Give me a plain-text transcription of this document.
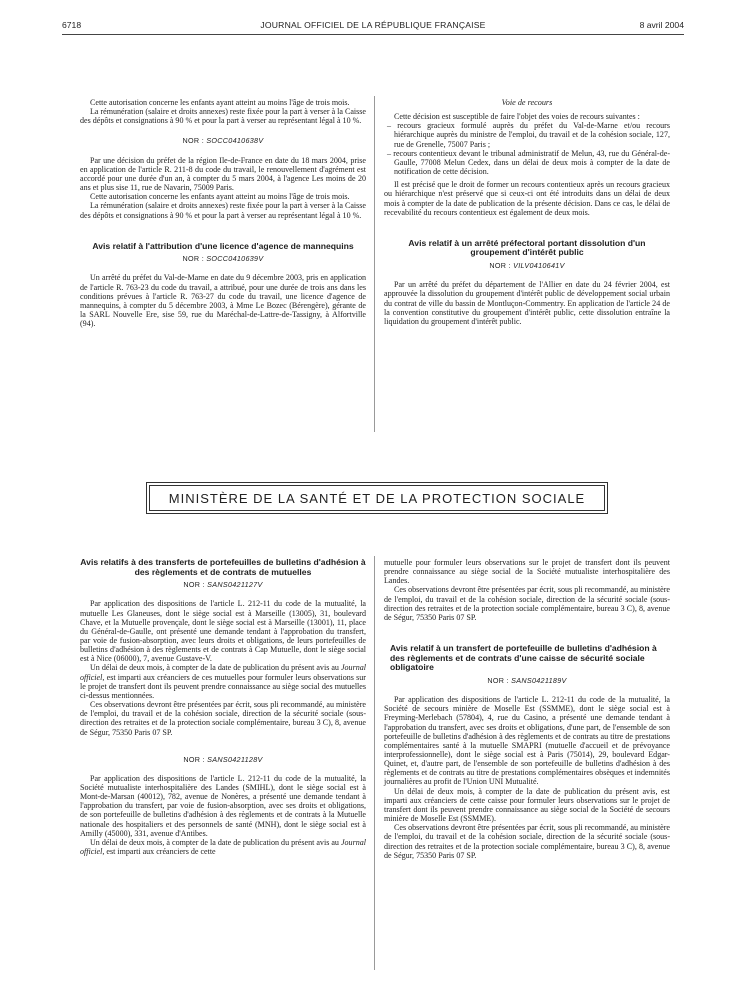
6718	JOURNAL OFFICIEL DE LA RÉPUBLIQUE FRANÇAISE	8 avril 2004

Cette autorisation concerne les enfants ayant atteint au moins l'âge de trois mois.

La rémunération (salaire et droits annexes) reste fixée pour la part à verser à la Caisse des dépôts et consignations à 90 % et pour la part à verser au représentant légal à 10 %.

NOR : SOCC0410638V

Par une décision du préfet de la région Ile-de-France en date du 18 mars 2004, prise en application de l'article R. 211-8 du code du travail, le renouvellement d'agrément est accordé pour une durée d'un an, à compter du 5 mars 2004, à l'agence Les moins de 20 ans et plus sise 11, rue de Navarin, 75009 Paris.

Cette autorisation concerne les enfants ayant atteint au moins l'âge de trois mois.

La rémunération (salaire et droits annexes) reste fixée pour la part à verser à la Caisse des dépôts et consignations à 90 % et pour la part à verser au représentant légal à 10 %.

Avis relatif à l'attribution d'une licence d'agence de mannequins
NOR : SOCC0410639V

Un arrêté du préfet du Val-de-Marne en date du 9 décembre 2003, pris en application de l'article R. 763-23 du code du travail, a attribué, pour une durée de trois ans dans les conditions prévues à l'article R. 763-27 du code du travail, une licence d'agence de mannequins, à compter du 5 décembre 2003, à Mme Le Bozec (Bérengère), gérante de la SARL Nouvelle Ere, sise 59, rue du Maréchal-de-Lattre-de-Tassigny, à Alfortville (94).

Voie de recours

Cette décision est susceptible de faire l'objet des voies de recours suivantes :

– recours gracieux formulé auprès du préfet du Val-de-Marne et/ou recours hiérarchique auprès du ministre de l'emploi, du travail et de la cohésion sociale, 127, rue de Grenelle, 75007 Paris ;

– recours contentieux devant le tribunal administratif de Melun, 43, rue du Général-de-Gaulle, 77008 Melun Cedex, dans un délai de deux mois à compter de la date de notification de cette décision.

Il est précisé que le droit de former un recours contentieux après un recours gracieux ou hiérarchique n'est préservé que si ceux-ci ont été introduits dans un délai de deux mois à compter de la date de publication de la présente décision. Dans ce cas, le délai de recevabilité du recours contentieux est également de deux mois.

Avis relatif à un arrêté préfectoral portant dissolution d'un groupement d'intérêt public
NOR : VILV0410641V

Par un arrêté du préfet du département de l'Allier en date du 24 février 2004, est approuvée la dissolution du groupement d'intérêt public de développement social urbain du contrat de ville du bassin de Montluçon-Commentry. En application de l'article 24 de la convention constitutive du groupement d'intérêt public, cette dissolution entraîne la liquidation du groupement d'intérêt public.

MINISTÈRE DE LA SANTÉ ET DE LA PROTECTION SOCIALE
Avis relatifs à des transferts de portefeuilles de bulletins d'adhésion à des règlements et de contrats de mutuelles
NOR : SANS0421127V

Par application des dispositions de l'article L. 212-11 du code de la mutualité, la mutuelle Les Glaneuses, dont le siège social est à Marseille (13005), 31, boulevard Chave, et la Mutuelle provençale, dont le siège social est à Marseille (13001), 11, place du Général-de-Gaulle, ont présenté une demande tendant à l'approbation du transfert, par voie de fusion-absorption, avec leurs droits et obligations, de leurs portefeuilles de bulletins d'adhésion à des règlements et de contrats à Cap Mutuelle, dont le siège social est à Nice (06000), 7, avenue Gustave-V.

Un délai de deux mois, à compter de la date de publication du présent avis au Journal officiel, est imparti aux créanciers de ces mutuelles pour formuler leurs observations sur le projet de transfert dont ils peuvent prendre connaissance au siège social des mutuelles ci-dessus mentionnées.

Ces observations devront être présentées par écrit, sous pli recommandé, au ministère de l'emploi, du travail et de la cohésion sociale, direction de la sécurité sociale (sous-direction des retraites et de la protection sociale complémentaire, bureau 3 C), 8, avenue de Ségur, 75350 Paris 07 SP.

NOR : SANS0421128V

Par application des dispositions de l'article L. 212-11 du code de la mutualité, la Société mutualiste interhospitalière des Landes (SMIHL), dont le siège social est à Mont-de-Marsan (40012), 782, avenue de Nonères, a présenté une demande tendant à l'approbation du transfert, par voie de fusion-absorption, avec ses droits et obligations, de son portefeuille de bulletins d'adhésion à des règlements et de contrats à la Mutuelle nationale des hospitaliers et des personnels de santé (MNH), dont le siège social est à Amilly (45000), 331, avenue d'Antibes.

Un délai de deux mois, à compter de la date de publication du présent avis au Journal officiel, est imparti aux créanciers de cette

mutuelle pour formuler leurs observations sur le projet de transfert dont ils peuvent prendre connaissance au siège social de la Société mutualiste interhospitalière des Landes.

Ces observations devront être présentées par écrit, sous pli recommandé, au ministère de l'emploi, du travail et de la cohésion sociale, direction de la sécurité sociale (sous-direction des retraites et de la protection sociale complémentaire, bureau 3 C), 8, avenue de Ségur, 75350 Paris 07 SP.

Avis relatif à un transfert de portefeuille de bulletins d'adhésion à des règlements et de contrats d'une caisse de sécurité sociale obligatoire
NOR : SANS0421189V

Par application des dispositions de l'article L. 212-11 du code de la mutualité, la Société de secours minière de Moselle Est (SSMME), dont le siège social est à Freyming-Merlebach (57804), 4, rue du Casino, a présenté une demande tendant à l'approbation du transfert, avec ses droits et obligations, d'une part, de l'ensemble de son portefeuille de bulletins d'adhésion à des règlements et de contrats au titre de prestations complémentaires santé à la mutuelle SMAPRI (mutuelle d'accueil et de prévoyance interprofessionnelle), dont le siège social est à Paris (75014), 29, boulevard Edgar-Quinet, et, d'autre part, de l'ensemble de son portefeuille de bulletins d'adhésion à des règlements et de contrats au titre de prestations complémentaires obsèques et indemnités journalières au profit de l'Union UNI Mutualité.

Un délai de deux mois, à compter de la date de publication du présent avis, est imparti aux créanciers de cette caisse pour formuler leurs observations sur le projet de transfert dont ils peuvent prendre connaissance au siège social de la Société de secours minière de Moselle Est (SSMME).

Ces observations devront être présentées par écrit, sous pli recommandé, au ministère de l'emploi, du travail et de la cohésion sociale, direction de la sécurité sociale (sous-direction des retraites et de la protection sociale complémentaire, bureau 3 C), 8, avenue de Ségur, 75350 Paris 07 SP.
